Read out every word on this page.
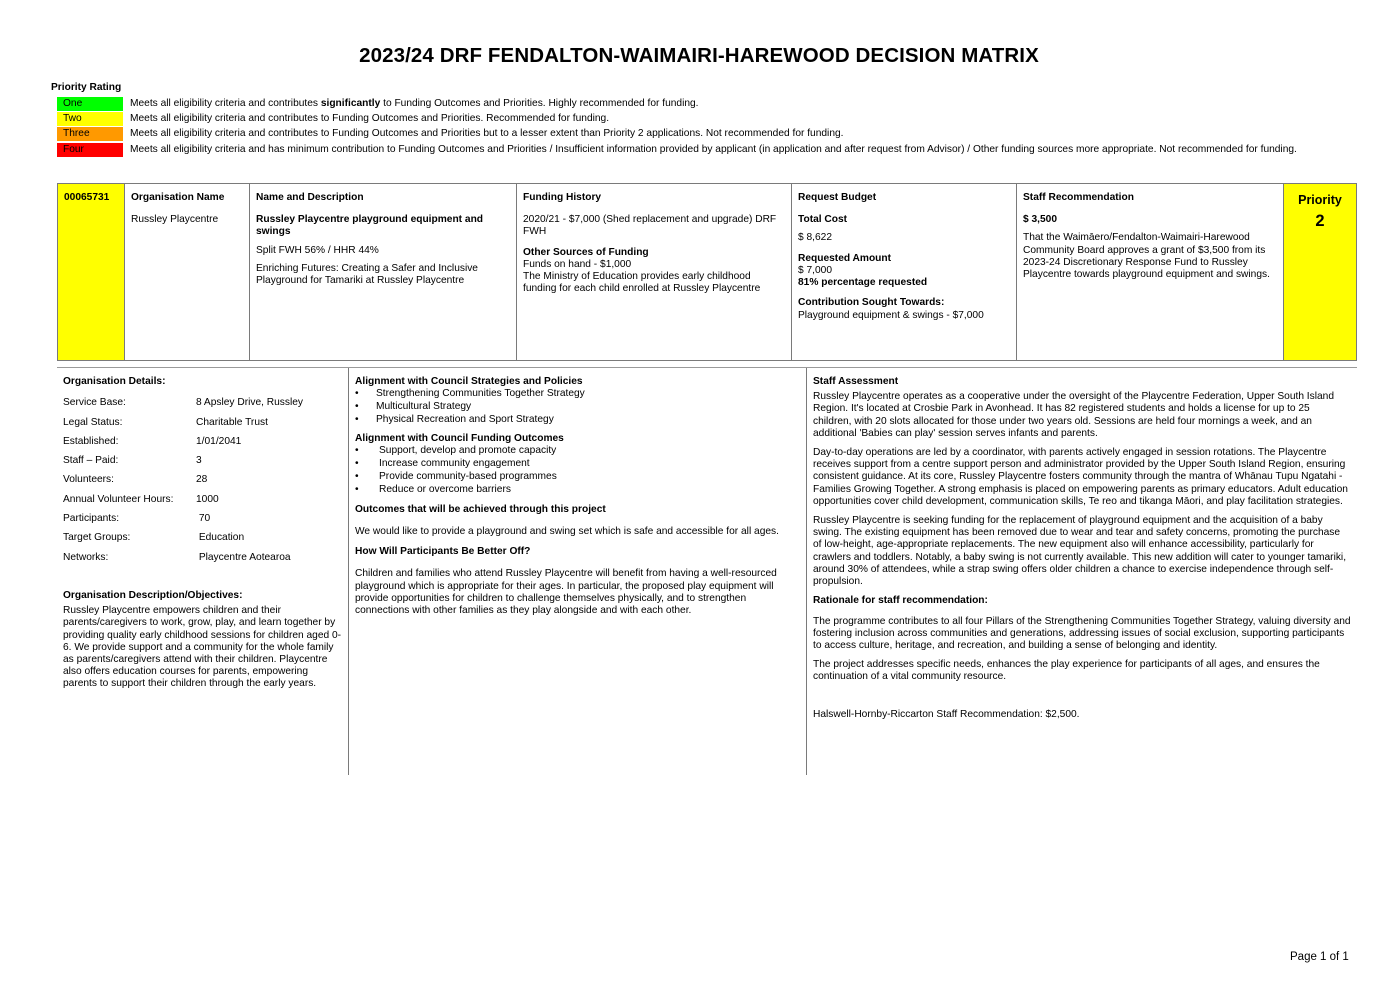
2023/24 DRF FENDALTON-WAIMAIRI-HAREWOOD DECISION MATRIX
Priority Rating
One	Meets all eligibility criteria and contributes significantly to Funding Outcomes and Priorities. Highly recommended for funding.
Two	Meets all eligibility criteria and contributes to Funding Outcomes and Priorities. Recommended for funding.
Three	Meets all eligibility criteria and contributes to Funding Outcomes and Priorities but to a lesser extent than Priority 2 applications. Not recommended for funding.
Four	Meets all eligibility criteria and has minimum contribution to Funding Outcomes and Priorities / Insufficient information provided by applicant (in application and after request from Advisor) / Other funding sources more appropriate. Not recommended for funding.
00065731	Organisation Name
Russley Playcentre
Name and Description

Russley Playcentre playground equipment and swings

Split FWH 56% / HHR 44%

Enriching Futures: Creating a Safer and Inclusive Playground for Tamariki at Russley Playcentre

Funding History
2020/21 - $7,000 (Shed replacement and upgrade) DRF FWH
Other Sources of Funding
Funds on hand - $1,000
The Ministry of Education provides early childhood funding for each child enrolled at Russley Playcentre
Request Budget
Total Cost
$ 8,622
Requested Amount
$ 7,000
81% percentage requested
Contribution Sought Towards:
Playground equipment & swings - $7,000
Staff Recommendation
$ 3,500
That the Waimāero/Fendalton-Waimairi-Harewood Community Board approves a grant of $3,500 from its 2023-24 Discretionary Response Fund to Russley Playcentre towards playground equipment and swings.
Priority
2
Organisation Details:
Service Base:	8 Apsley Drive, Russley
Legal Status:	Charitable Trust
Established:	1/01/2041
Staff – Paid:	3
Volunteers:	28
Annual Volunteer Hours:	1000
Participants:	70
Target Groups:	Education
Networks:	Playcentre Aotearoa
Organisation Description/Objectives:
Russley Playcentre empowers children and their parents/caregivers to work, grow, play, and learn together by providing quality early childhood sessions for children aged 0-6. We provide support and a community for the whole family as parents/caregivers attend with their children. Playcentre also offers education courses for parents, empowering parents to support their children through the early years.
Alignment with Council Strategies and Policies
• Strengthening Communities Together Strategy
• Multicultural Strategy
• Physical Recreation and Sport Strategy
Alignment with Council Funding Outcomes
• Support, develop and promote capacity
• Increase community engagement
• Provide community-based programmes
• Reduce or overcome barriers
Outcomes that will be achieved through this project

We would like to provide a playground and swing set which is safe and accessible for all ages.

How Will Participants Be Better Off?

Children and families who attend Russley Playcentre will benefit from having a well-resourced playground which is appropriate for their ages. In particular, the proposed play equipment will provide opportunities for children to challenge themselves physically, and to strengthen connections with other families as they play alongside and with each other.

Staff Assessment

Russley Playcentre operates as a cooperative under the oversight of the Playcentre Federation, Upper South Island Region. It's located at Crosbie Park in Avonhead. It has 82 registered students and holds a license for up to 25 children, with 20 slots allocated for those under two years old. Sessions are held four mornings a week, and an additional 'Babies can play' session serves infants and parents.

Day-to-day operations are led by a coordinator, with parents actively engaged in session rotations. The Playcentre receives support from a centre support person and administrator provided by the Upper South Island Region, ensuring consistent guidance. At its core, Russley Playcentre fosters community through the mantra of Whānau Tupu Ngatahi - Families Growing Together. A strong emphasis is placed on empowering parents as primary educators. Adult education opportunities cover child development, communication skills, Te reo and tikanga Māori, and play facilitation strategies.

Russley Playcentre is seeking funding for the replacement of playground equipment and the acquisition of a baby swing. The existing equipment has been removed due to wear and tear and safety concerns, promoting the purchase of low-height, age-appropriate replacements. The new equipment also will enhance accessibility, particularly for crawlers and toddlers. Notably, a baby swing is not currently available. This new addition will cater to younger tamariki, around 30% of attendees, while a strap swing offers older children a chance to exercise independence through self-propulsion.

Rationale for staff recommendation:

The programme contributes to all four Pillars of the Strengthening Communities Together Strategy, valuing diversity and fostering inclusion across communities and generations, addressing issues of social exclusion, supporting participants to access culture, heritage, and recreation, and building a sense of belonging and identity.

The project addresses specific needs, enhances the play experience for participants of all ages, and ensures the continuation of a vital community resource.

Halswell-Hornby-Riccarton Staff Recommendation: $2,500.

Page 1 of 1
